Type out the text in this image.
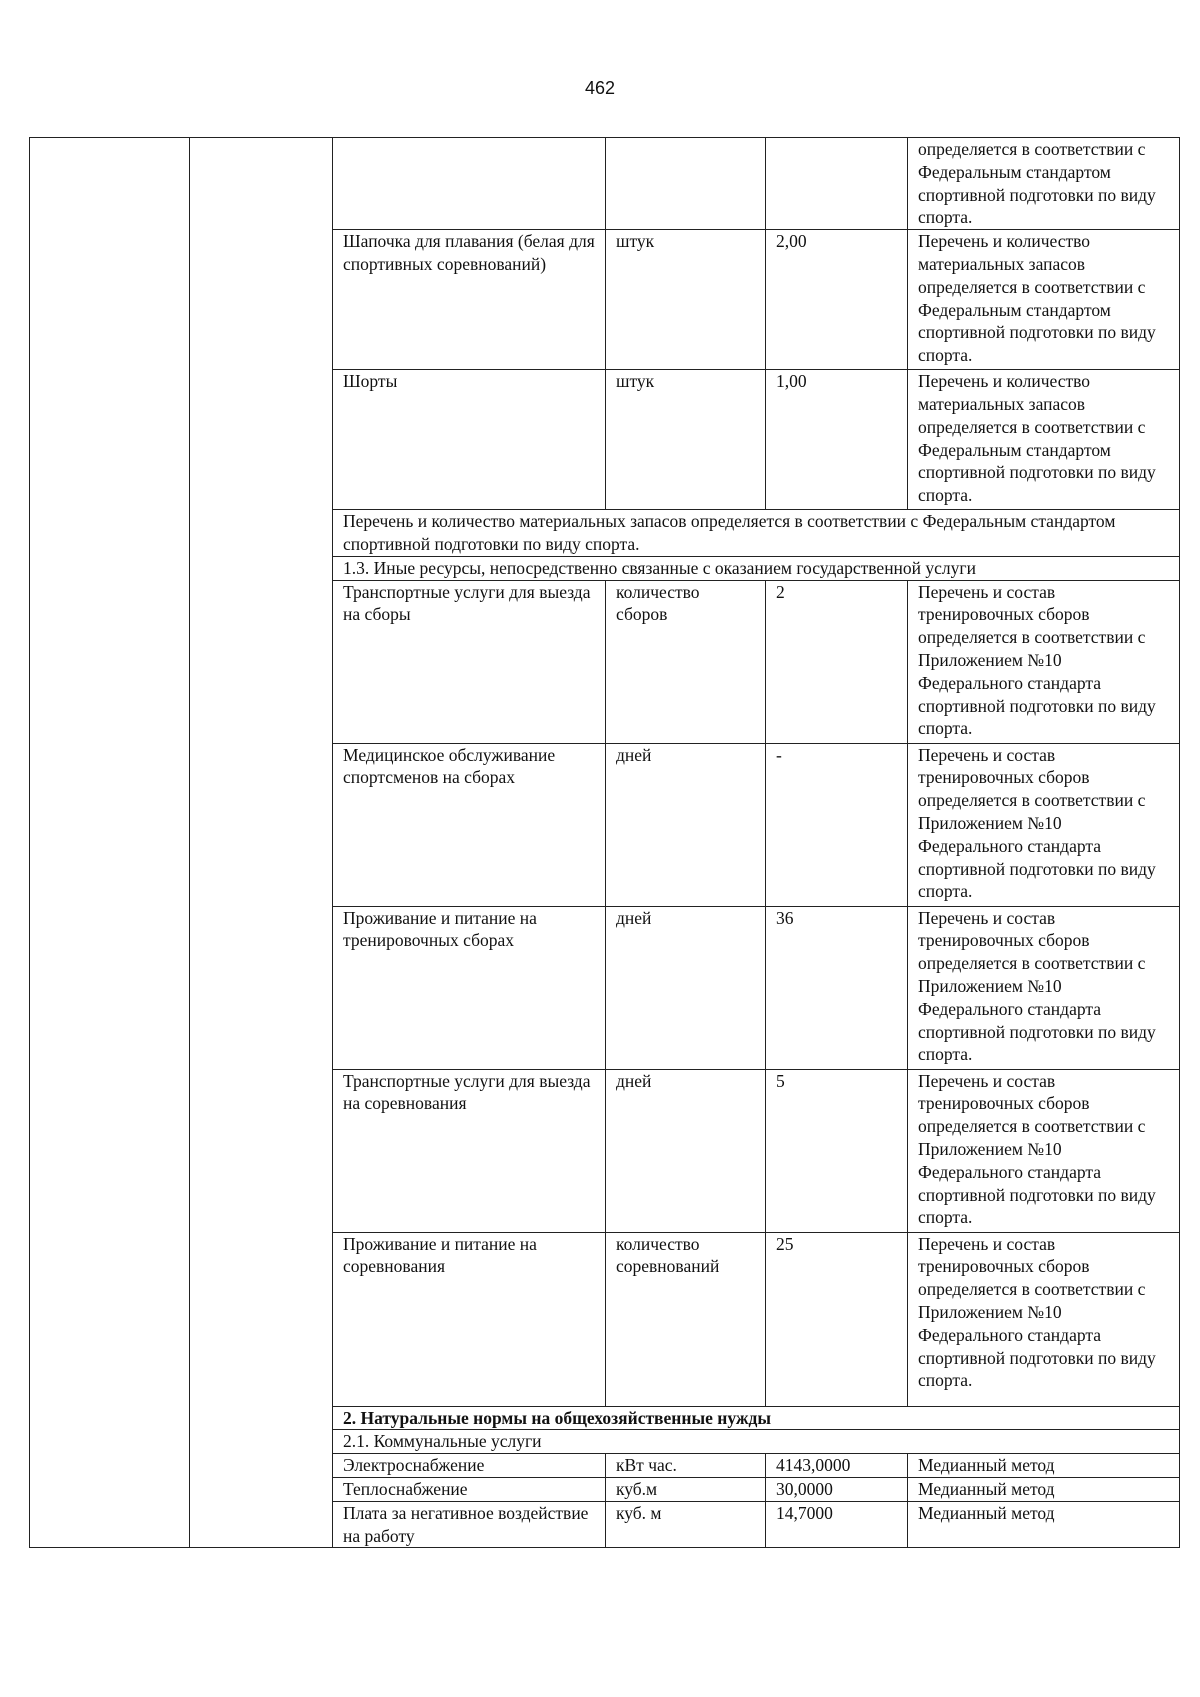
462
					определяется в соответствии с Федеральным стандартом спортивной подготовки по виду спорта.
		Шапочка для плавания (белая для спортивных соревнований)	штук	2,00	Перечень и количество материальных запасов определяется в соответствии с Федеральным стандартом спортивной подготовки по виду спорта.
		Шорты	штук	1,00	Перечень и количество материальных запасов определяется в соответствии с Федеральным стандартом спортивной подготовки по виду спорта.
		Перечень и количество материальных запасов определяется в соответствии с Федеральным стандартом спортивной подготовки по виду спорта.			
		1.3. Иные ресурсы, непосредственно связанные с оказанием государственной услуги			
		Транспортные услуги для выезда на сборы	количество сборов	2	Перечень и состав тренировочных сборов определяется в соответствии с Приложением №10 Федерального стандарта спортивной подготовки по виду спорта.
		Медицинское обслуживание спортсменов на сборах	дней	-	Перечень и состав тренировочных сборов определяется в соответствии с Приложением №10 Федерального стандарта спортивной подготовки по виду спорта.
		Проживание и питание на тренировочных сборах	дней	36	Перечень и состав тренировочных сборов определяется в соответствии с Приложением №10 Федерального стандарта спортивной подготовки по виду спорта.
		Транспортные услуги для выезда на соревнования	дней	5	Перечень и состав тренировочных сборов определяется в соответствии с Приложением №10 Федерального стандарта спортивной подготовки по виду спорта.
		Проживание и питание на соревнования	количество соревнований	25	Перечень и состав тренировочных сборов определяется в соответствии с Приложением №10 Федерального стандарта спортивной подготовки по виду спорта.
		2. Натуральные нормы на общехозяйственные нужды			
		2.1. Коммунальные услуги			
		Электроснабжение	кВт час.	4143,0000	Медианный метод
		Теплоснабжение	куб.м	30,0000	Медианный метод
		Плата за негативное воздействие на работу	куб. м	14,7000	Медианный метод
